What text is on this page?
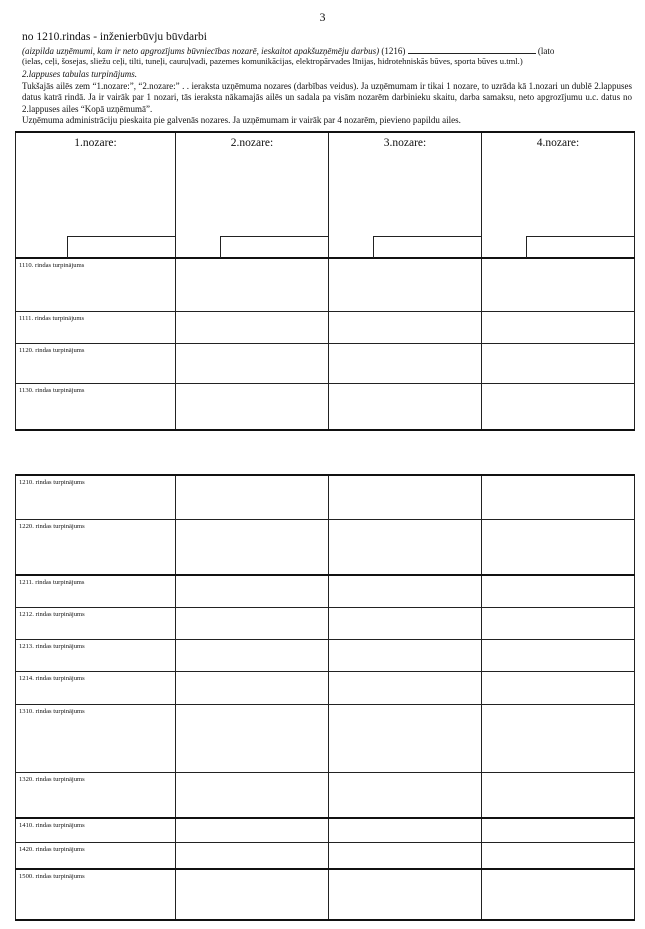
3
no 1210.rindas - inženierbūvju būvdarbi
(aizpilda uzņēmumi, kam ir neto apgrozījums būvniecības nozarē, ieskaitot apakšuzņēmēju darbus) (1216)	(lato
(ielas, ceļi, šosejas, sliežu ceļi, tilti, tuneļi, cauruļvadi, pazemes komunikācijas, elektropārvades līnijas, hidrotehniskās būves, sporta būves u.tml.)
2.lappuses tabulas turpinājums.

Tukšajās ailēs zem “1.nozare:”, “2.nozare:” . . ieraksta uzņēmuma nozares (darbības veidus). Ja uzņēmumam ir tikai 1 nozare, to uzrāda kā 1.nozari un dublē 2.lappuses datus katrā rindā. Ja ir vairāk par 1 nozari, tās ieraksta nākamajās ailēs un sadala pa visām nozarēm darbinieku skaitu, darba samaksu, neto apgrozījumu u.c. datus no 2.lappuses ailes “Kopā uzņēmumā”.

Uzņēmuma administrāciju pieskaita pie galvenās nozares. Ja uzņēmumam ir vairāk par 4 nozarēm, pievieno papildu ailes.

1.nozare:	2.nozare:	3.nozare:	4.nozare:

1110. rindas turpinājums			
1111. rindas turpinājums			
1120. rindas turpinājums			
1130. rindas turpinājums			
1210. rindas turpinājums			
1220. rindas turpinājums			
1211. rindas turpinājums			
1212. rindas turpinājums			
1213. rindas turpinājums			
1214. rindas turpinājums			
1310. rindas turpinājums			
1320. rindas turpinājums			
1410. rindas turpinājums			
1420. rindas turpinājums			
1500. rindas turpinājums			
